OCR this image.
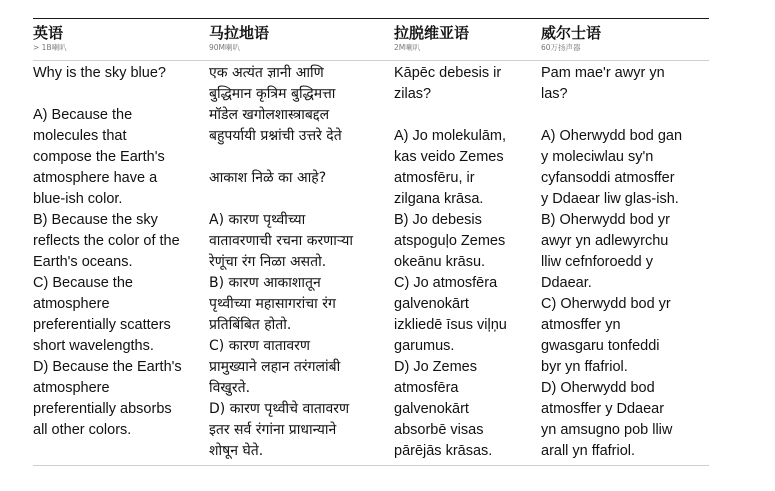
英语
> 1B喇叭
马拉地语
90M喇叭
拉脱维亚语
2M喇叭
威尔士语
60万扬声器
Why is the sky blue?
A) Because the
molecules that
compose the Earth's
atmosphere have a
blue-ish color.
B) Because the sky
reflects the color of the
Earth's oceans.
C) Because the
atmosphere
preferentially scatters
short wavelengths.
D) Because the Earth's
atmosphere
preferentially absorbs
all other colors.
एक अत्यंत ज्ञानी आणि
बुद्धिमान कृत्रिम बुद्धिमत्ता
मॉडेल खगोलशास्त्राबद्दल
बहुपर्यायी प्रश्नांची उत्तरे देते
आकाश निळे का आहे?
A) कारण पृथ्वीच्या
वातावरणाची रचना करणाऱ्या
रेणूंचा रंग निळा असतो.
B) कारण आकाशातून
पृथ्वीच्या महासागरांचा रंग
प्रतिबिंबित होतो.
C) कारण वातावरण
प्रामुख्याने लहान तरंगलांबी
विखुरते.
D) कारण पृथ्वीचे वातावरण
इतर सर्व रंगांना प्राधान्याने
शोषून घेते.
Kāpēc debesis ir
zilas?
A) Jo molekulām,
kas veido Zemes
atmosfēru, ir
zilgana krāsa.
B) Jo debesis
atspoguļo Zemes
okeānu krāsu.
C) Jo atmosfēra
galvenokārt
izkliedē īsus viļņu
garumus.
D) Jo Zemes
atmosfēra
galvenokārt
absorbē visas
pārējās krāsas.
Pam mae'r awyr yn
las?
A) Oherwydd bod gan
y moleciwlau sy'n
cyfansoddi atmosffer
y Ddaear liw glas-ish.
B) Oherwydd bod yr
awyr yn adlewyrchu
lliw cefnforoedd y
Ddaear.
C) Oherwydd bod yr
atmosffer yn
gwasgaru tonfeddi
byr yn ffafriol.
D) Oherwydd bod
atmosffer y Ddaear
yn amsugno pob lliw
arall yn ffafriol.
